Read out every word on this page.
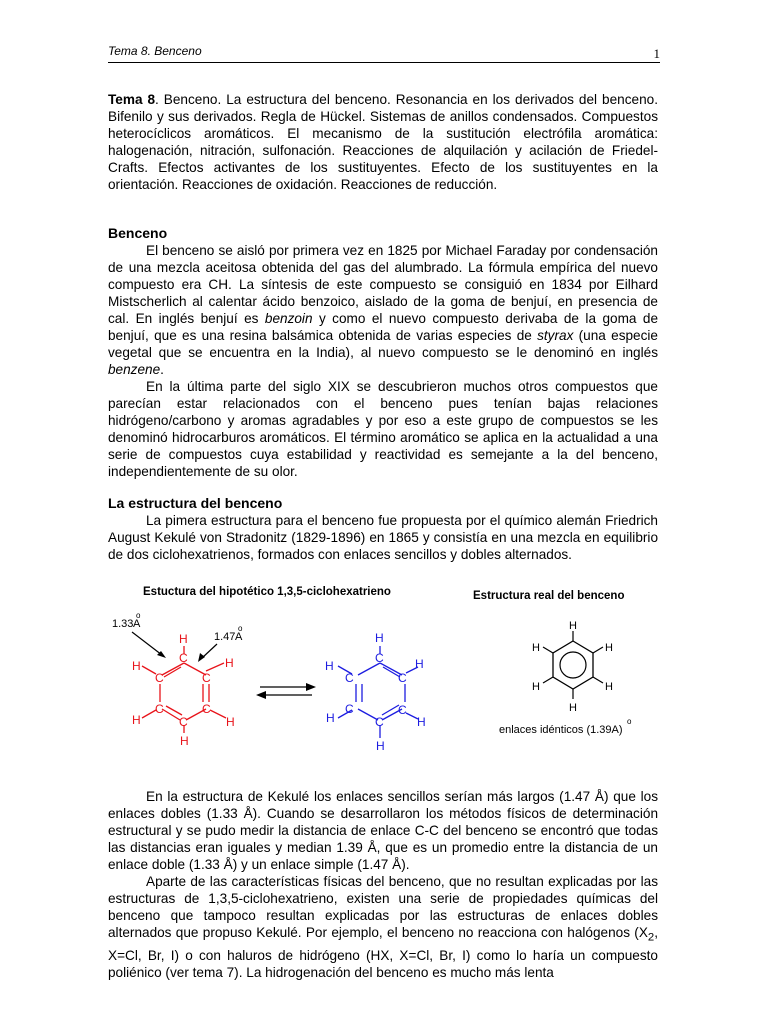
Tema 8. Benceno	1

Tema 8. Benceno. La estructura del benceno. Resonancia en los derivados del benceno. Bifenilo y sus derivados. Regla de Hückel. Sistemas de anillos condensados. Compuestos heterocíclicos aromáticos. El mecanismo de la sustitución electrófila aromática: halogenación, nitración, sulfonación. Reacciones de alquilación y acilación de Friedel-Crafts. Efectos activantes de los sustituyentes. Efecto de los sustituyentes en la orientación. Reacciones de oxidación. Reacciones de reducción.

Benceno

El benceno se aisló por primera vez en 1825 por Michael Faraday por condensación de una mezcla aceitosa obtenida del gas del alumbrado. La fórmula empírica del nuevo compuesto era CH. La síntesis de este compuesto se consiguió en 1834 por Eilhard Mistscherlich al calentar ácido benzoico, aislado de la goma de benjuí, en presencia de cal. En inglés benjuí es benzoin y como el nuevo compuesto derivaba de la goma de benjuí, que es una resina balsámica obtenida de varias especies de styrax (una especie vegetal que se encuentra en la India), al nuevo compuesto se le denominó en inglés benzene.

En la última parte del siglo XIX se descubrieron muchos otros compuestos que parecían estar relacionados con el benceno pues tenían bajas relaciones hidrógeno/carbono y aromas agradables y por eso a este grupo de compuestos se les denominó hidrocarburos aromáticos. El término aromático se aplica en la actualidad a una serie de compuestos cuya estabilidad y reactividad es semejante a la del benceno, independientemente de su olor.

La estructura del benceno

La pimera estructura para el benceno fue propuesta por el químico alemán Friedrich August Kekulé von Stradonitz (1829-1896) en 1865 y consistía en una mezcla en equilibrio de dos ciclohexatrienos, formados con enlaces sencillos y dobles alternados.

Estuctura del hipotético 1,3,5-ciclohexatrieno	Estructura real del benceno
1.33 A
o
1.47 A
o
C
C
C
C
C
C
H
H
H
H
H
H
C
C
C
C
C
C
H
H
H
H
H
H
H
H
H
H
H
H
enlaces idénticos (1.39A)
o

En la estructura de Kekulé los enlaces sencillos serían más largos (1.47 Å) que los enlaces dobles (1.33 Å). Cuando se desarrollaron los métodos físicos de determinación estructural y se pudo medir la distancia de enlace C-C del benceno se encontró que todas las distancias eran iguales y median 1.39 Å, que es un promedio entre la distancia de un enlace doble (1.33 Å) y un enlace simple (1.47 Å).

Aparte de las características físicas del benceno, que no resultan explicadas por las estructuras de 1,3,5-ciclohexatrieno, existen una serie de propiedades químicas del benceno que tampoco resultan explicadas por las estructuras de enlaces dobles alternados que propuso Kekulé. Por ejemplo, el benceno no reacciona con halógenos ($X_2$, X=Cl, Br, I) o con haluros de hidrógeno (HX, X=Cl, Br, I) como lo haría un compuesto poliénico (ver tema 7). La hidrogenación del benceno es mucho más lenta
